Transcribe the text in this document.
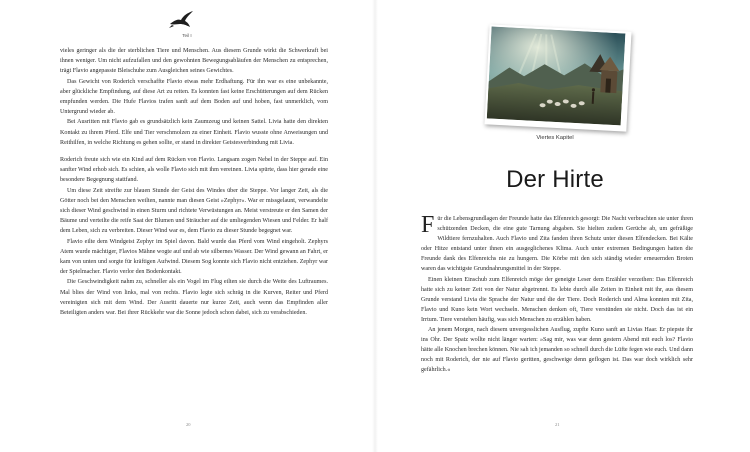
Teil I

vieles geringer als die der sterblichen Tiere und Menschen. Aus diesem Grunde wirkt die Schwerkraft bei ihnen weniger. Um nicht aufzufallen und den gewohnten Bewegungsabläufen der Menschen zu entsprechen, trägt Flavio angepasste Bleischuhe zum Ausgleichen seines Gewichtes.

Das Gewicht von Roderich verschaffte Flavio etwas mehr Erdhaftung. Für ihn war es eine unbekannte, aber glückliche Empfindung, auf diese Art zu reiten. Es konnten fast keine Erschütterungen auf dem Rücken empfunden werden. Die Hufe Flavios trafen sanft auf dem Boden auf und hoben, fast unmerklich, vom Untergrund wieder ab.

Bei Ausritten mit Flavio gab es grundsätzlich kein Zaumzeug und keinen Sattel. Livia hatte den direkten Kontakt zu ihrem Pferd. Elfe und Tier verschmolzen zu einer Einheit. Flavio wusste ohne Anweisungen und Reithilfen, in welche Richtung es gehen sollte, er stand in direkter Geistesverbindung mit Livia.

Roderich freute sich wie ein Kind auf dem Rücken von Flavio. Langsam zogen Nebel in der Steppe auf. Ein sanfter Wind erhob sich. Es schien, als wolle Flavio sich mit ihm vereinen. Livia spürte, dass hier gerade eine besondere Begegnung stattfand.

Um diese Zeit streifte zur blauen Stunde der Geist des Windes über die Steppe. Vor langer Zeit, als die Götter noch bei den Menschen weilten, nannte man diesen Geist »Zephyr«. War er missgelaunt, verwandelte sich dieser Wind geschwind in einen Sturm und richtete Verwüstungen an. Meist verstreute er den Samen der Bäume und verteilte die reife Saat der Blumen und Sträucher auf die umliegenden Wiesen und Felder. Er half dem Leben, sich zu verbreiten. Dieser Wind war es, dem Flavio zu dieser Stunde begegnet war.

Flavio eilte dem Windgeist Zephyr im Spiel davon. Bald wurde das Pferd vom Wind eingeholt. Zephyrs Atem wurde mächtiger, Flavios Mähne wogte auf und ab wie silbernes Wasser. Der Wind gewann an Fahrt, er kam von unten und sorgte für kräftigen Aufwind. Diesem Sog konnte sich Flavio nicht entziehen. Zephyr war der Spielmacher. Flavio verlor den Bodenkontakt.

Die Geschwindigkeit nahm zu, schneller als ein Vogel im Flug eilten sie durch die Weite des Luftraumes. Mal blies der Wind von links, mal von rechts. Flavio legte sich schräg in die Kurven, Reiter und Pferd vereinigten sich mit dem Wind. Der Ausritt dauerte nur kurze Zeit, auch wenn das Empfinden aller Beteiligten anders war. Bei ihrer Rückkehr war die Sonne jedoch schon dabei, sich zu verabschieden.

20
Viertes Kapitel
Der Hirte

Für die Lebensgrundlagen der Freunde hatte das Elfenreich gesorgt: Die Nacht verbrachten sie unter ihren schützenden Decken, die eine gute Tarnung abgaben. Sie hielten zudem Gerüche ab, um gefräßige Wildtiere fernzuhalten. Auch Flavio und Zita fanden ihren Schutz unter diesen Elfendecken. Bei Kälte oder Hitze entstand unter ihnen ein ausgeglichenes Klima. Auch unter extremen Bedingungen hatten die Freunde dank des Elfenreichs nie zu hungern. Die Körbe mit den sich ständig wieder erneuernden Broten waren das wichtigste Grundnahrungsmittel in der Steppe.

Einen kleinen Einschub zum Elfenreich möge der geneigte Leser dem Erzähler verzeihen: Das Elfenreich hatte sich zu keiner Zeit von der Natur abgetrennt. Es lebte durch alle Zeiten in Einheit mit ihr, aus diesem Grunde verstand Livia die Sprache der Natur und die der Tiere. Doch Roderich und Alma konnten mit Zita, Flavio und Kuno kein Wort wechseln. Menschen denken oft, Tiere verstünden sie nicht. Doch das ist ein Irrtum. Tiere verstehen häufig, was sich Menschen zu erzählen haben.

An jenem Morgen, nach diesem unvergesslichen Ausflug, zupfte Kuno sanft an Livias Haar. Er piepste ihr ins Ohr. Der Spatz wollte nicht länger warten: »Sag mir, was war denn gestern Abend mit euch los? Flavio hätte alle Knochen brechen können. Nie sah ich jemanden so schnell durch die Lüfte fegen wie euch. Und dann noch mit Roderich, der nie auf Flavio geritten, geschweige denn geflogen ist. Das war doch wirklich sehr gefährlich.«

21
